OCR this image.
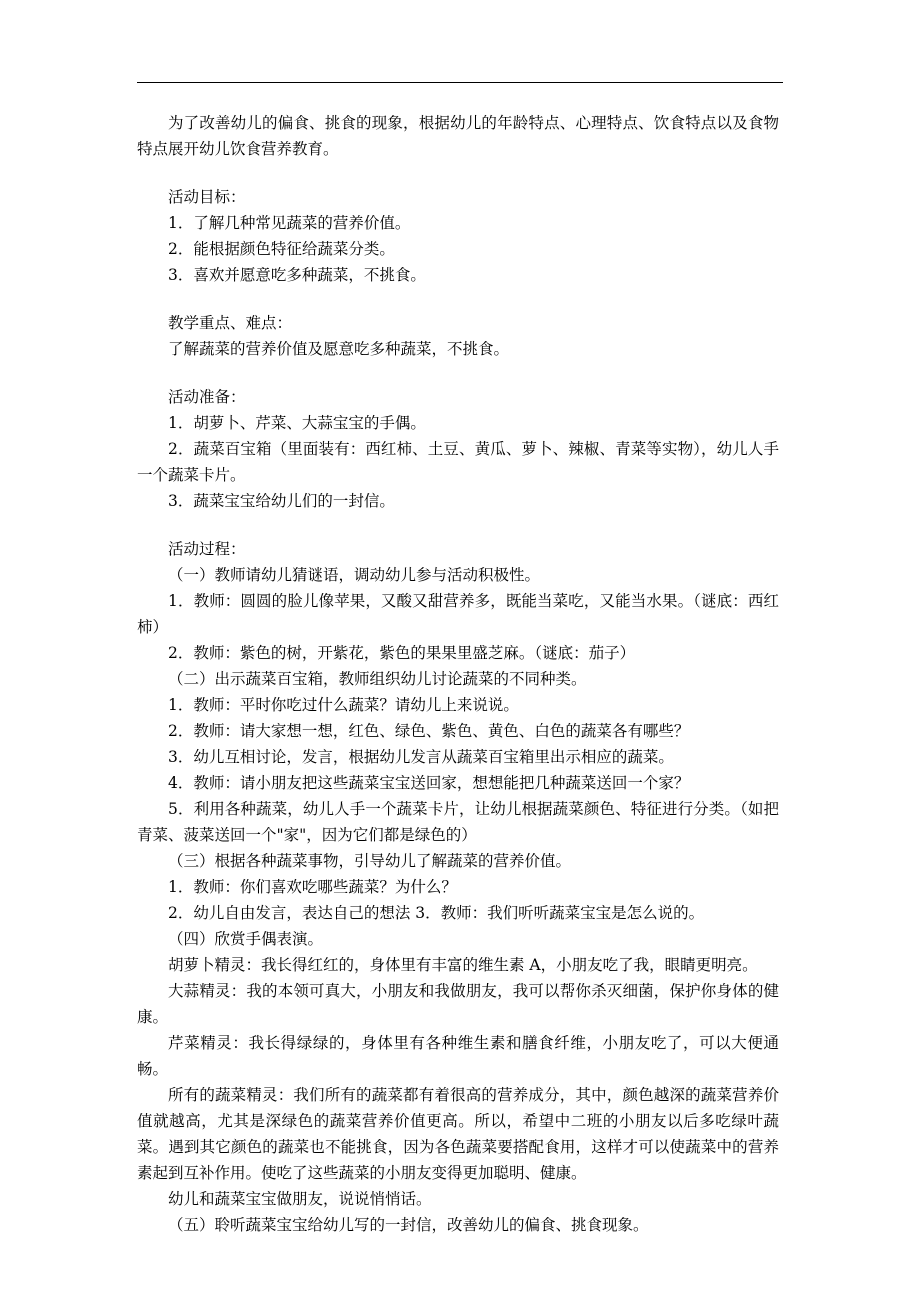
为了改善幼儿的偏食、挑食的现象，根据幼儿的年龄特点、心理特点、饮食特点以及食物特点展开幼儿饮食营养教育。

活动目标：

1．了解几种常见蔬菜的营养价值。

2．能根据颜色特征给蔬菜分类。

3．喜欢并愿意吃多种蔬菜，不挑食。

教学重点、难点：

了解蔬菜的营养价值及愿意吃多种蔬菜，不挑食。

活动准备：

1．胡萝卜、芹菜、大蒜宝宝的手偶。

2．蔬菜百宝箱（里面装有：西红柿、土豆、黄瓜、萝卜、辣椒、青菜等实物），幼儿人手一个蔬菜卡片。

3．蔬菜宝宝给幼儿们的一封信。

活动过程：

（一）教师请幼儿猜谜语，调动幼儿参与活动积极性。

1．教师：圆圆的脸儿像苹果，又酸又甜营养多，既能当菜吃，又能当水果。（谜底：西红柿）

2．教师：紫色的树，开紫花，紫色的果果里盛芝麻。（谜底：茄子）

（二）出示蔬菜百宝箱，教师组织幼儿讨论蔬菜的不同种类。

1．教师：平时你吃过什么蔬菜？请幼儿上来说说。

2．教师：请大家想一想，红色、绿色、紫色、黄色、白色的蔬菜各有哪些？

3．幼儿互相讨论，发言，根据幼儿发言从蔬菜百宝箱里出示相应的蔬菜。

4．教师：请小朋友把这些蔬菜宝宝送回家，想想能把几种蔬菜送回一个家？

5．利用各种蔬菜，幼儿人手一个蔬菜卡片，让幼儿根据蔬菜颜色、特征进行分类。（如把青菜、菠菜送回一个"家"，因为它们都是绿色的）

（三）根据各种蔬菜事物，引导幼儿了解蔬菜的营养价值。

1．教师：你们喜欢吃哪些蔬菜？为什么？

2．幼儿自由发言，表达自己的想法 3．教师：我们听听蔬菜宝宝是怎么说的。

（四）欣赏手偶表演。

胡萝卜精灵：我长得红红的，身体里有丰富的维生素 A，小朋友吃了我，眼睛更明亮。

大蒜精灵：我的本领可真大，小朋友和我做朋友，我可以帮你杀灭细菌，保护你身体的健康。

芹菜精灵：我长得绿绿的，身体里有各种维生素和膳食纤维，小朋友吃了，可以大便通畅。

所有的蔬菜精灵：我们所有的蔬菜都有着很高的营养成分，其中，颜色越深的蔬菜营养价值就越高，尤其是深绿色的蔬菜营养价值更高。所以，希望中二班的小朋友以后多吃绿叶蔬菜。遇到其它颜色的蔬菜也不能挑食，因为各色蔬菜要搭配食用，这样才可以使蔬菜中的营养素起到互补作用。使吃了这些蔬菜的小朋友变得更加聪明、健康。

幼儿和蔬菜宝宝做朋友，说说悄悄话。

（五）聆听蔬菜宝宝给幼儿写的一封信，改善幼儿的偏食、挑食现象。
